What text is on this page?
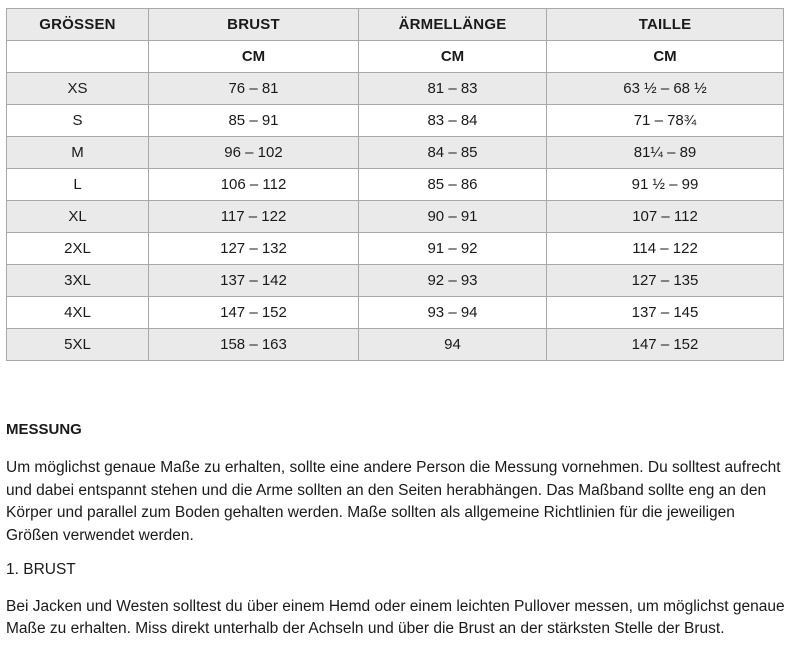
GRÖSSEN	BRUST	ÄRMELLÄNGE	TAILLE
	CM	CM	CM
XS	76 – 81	81 – 83	63 ½ – 68 ½
S	85 – 91	83 – 84	71 – 78¾
M	96 – 102	84 – 85	81¼ – 89
L	106 – 112	85 – 86	91 ½ – 99
XL	117 – 122	90 – 91	107 – 112
2XL	127 – 132	91 – 92	114 – 122
3XL	137 – 142	92 – 93	127 – 135
4XL	147 – 152	93 – 94	137 – 145
5XL	158 – 163	94	147 – 152
MESSUNG

Um möglichst genaue Maße zu erhalten, sollte eine andere Person die Messung vornehmen. Du solltest aufrecht und dabei entspannt stehen und die Arme sollten an den Seiten herabhängen. Das Maßband sollte eng an den Körper und parallel zum Boden gehalten werden. Maße sollten als allgemeine Richtlinien für die jeweiligen Größen verwendet werden.

1. BRUST

Bei Jacken und Westen solltest du über einem Hemd oder einem leichten Pullover messen, um möglichst genaue Maße zu erhalten. Miss direkt unterhalb der Achseln und über die Brust an der stärksten Stelle der Brust.
